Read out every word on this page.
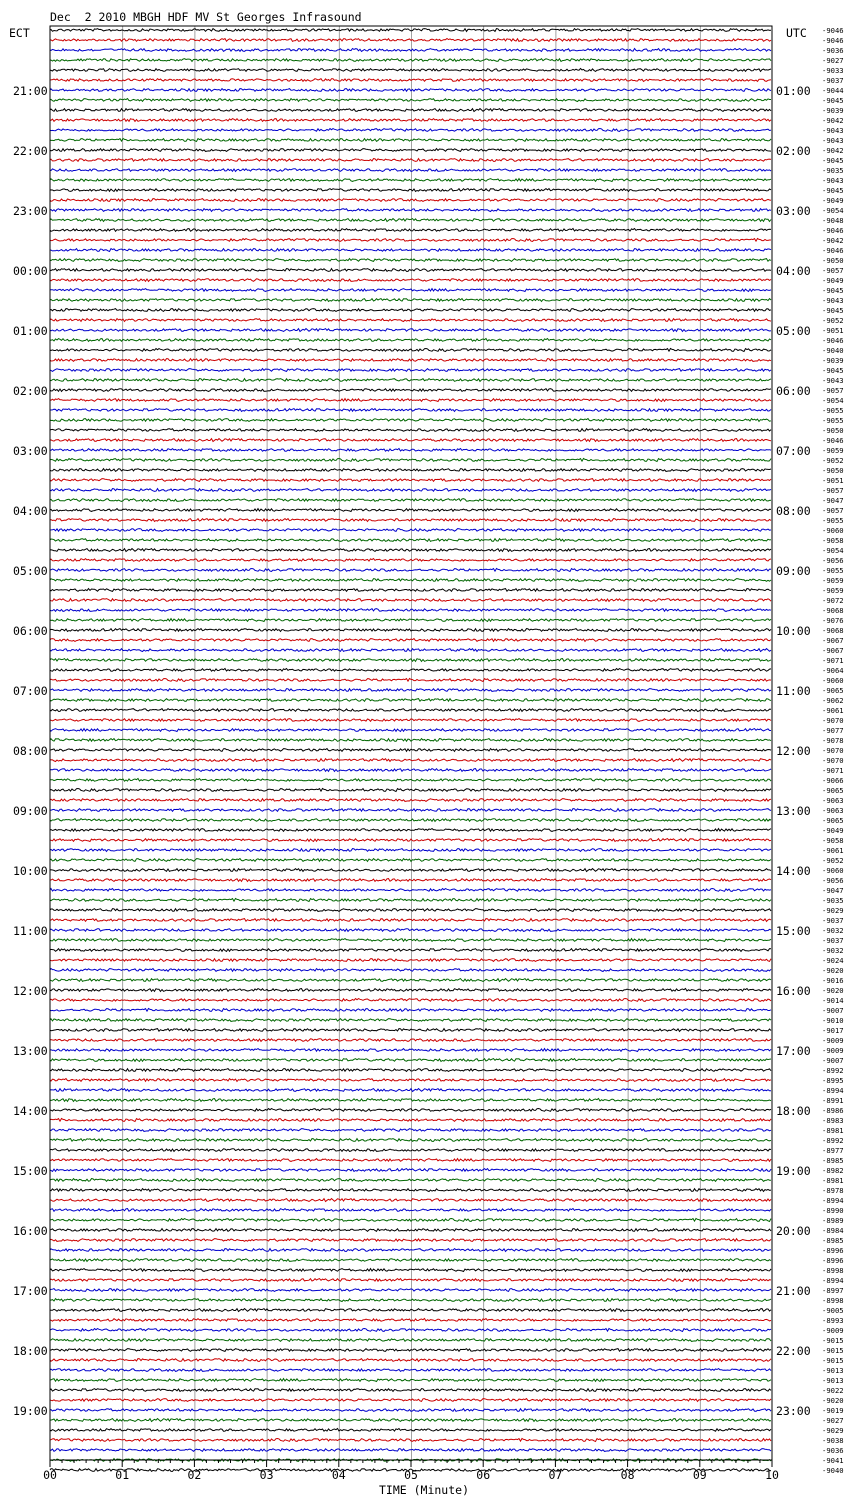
Dec  2 2010 MBGH HDF MV St Georges Infrasound
ECT	UTC
TIME (Minute)
00	01	02	03	04	05	06	07	08	09	10
21:00	01:00
22:00	02:00
23:00	03:00
00:00	04:00
01:00	05:00
02:00	06:00
03:00	07:00
04:00	08:00
05:00	09:00
06:00	10:00
07:00	11:00
08:00	12:00
09:00	13:00
10:00	14:00
11:00	15:00
12:00	16:00
13:00	17:00
14:00	18:00
15:00	19:00
16:00	20:00
17:00	21:00
18:00	22:00
19:00	23:00
-9046
-9046
-9036
-9027
-9033
-9037
-9044
-9045
-9039
-9042
-9043
-9043
-9042
-9045
-9035
-9043
-9045
-9049
-9054
-9048
-9046
-9042
-9046
-9050
-9057
-9049
-9045
-9043
-9045
-9052
-9051
-9046
-9040
-9039
-9045
-9043
-9057
-9054
-9055
-9055
-9050
-9046
-9059
-9052
-9050
-9051
-9057
-9047
-9057
-9055
-9060
-9058
-9054
-9056
-9055
-9059
-9059
-9072
-9068
-9076
-9068
-9067
-9067
-9071
-9064
-9060
-9065
-9062
-9061
-9070
-9077
-9078
-9070
-9070
-9071
-9066
-9065
-9063
-9063
-9065
-9049
-9058
-9061
-9052
-9060
-9056
-9047
-9035
-9029
-9037
-9032
-9037
-9032
-9024
-9020
-9016
-9020
-9014
-9007
-9010
-9017
-9009
-9009
-9007
-8992
-8995
-8994
-8991
-8986
-8983
-8981
-8992
-8977
-8985
-8982
-8981
-8978
-8994
-8990
-8989
-8984
-8985
-8996
-8996
-8998
-8994
-8997
-8998
-9005
-8993
-9009
-9015
-9015
-9015
-9013
-9013
-9022
-9020
-9019
-9027
-9029
-9038
-9036
-9041
-9040
